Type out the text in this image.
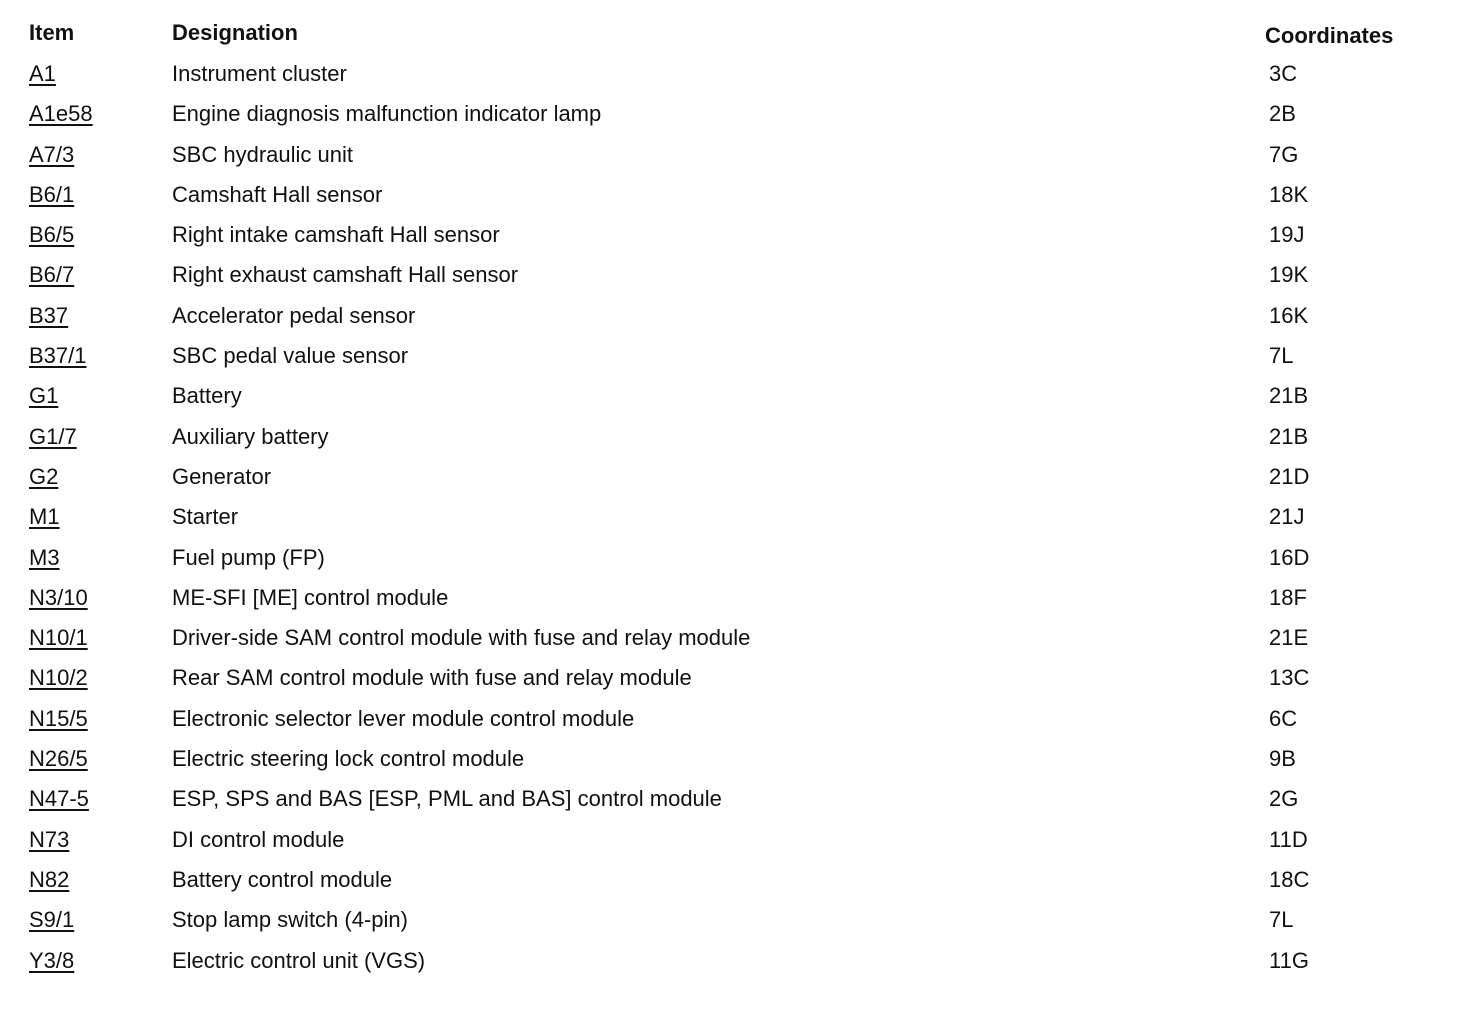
Item	Designation	Coordinates
A1	Instrument cluster	3C
A1e58	Engine diagnosis malfunction indicator lamp	2B
A7/3	SBC hydraulic unit	7G
B6/1	Camshaft Hall sensor	18K
B6/5	Right intake camshaft Hall sensor	19J
B6/7	Right exhaust camshaft Hall sensor	19K
B37	Accelerator pedal sensor	16K
B37/1	SBC pedal value sensor	7L
G1	Battery	21B
G1/7	Auxiliary battery	21B
G2	Generator	21D
M1	Starter	21J
M3	Fuel pump (FP)	16D
N3/10	ME-SFI [ME] control module	18F
N10/1	Driver-side SAM control module with fuse and relay module	21E
N10/2	Rear SAM control module with fuse and relay module	13C
N15/5	Electronic selector lever module control module	6C
N26/5	Electric steering lock control module	9B
N47-5	ESP, SPS and BAS [ESP, PML and BAS] control module	2G
N73	DI control module	11D
N82	Battery control module	18C
S9/1	Stop lamp switch (4-pin)	7L
Y3/8	Electric control unit (VGS)	11G
